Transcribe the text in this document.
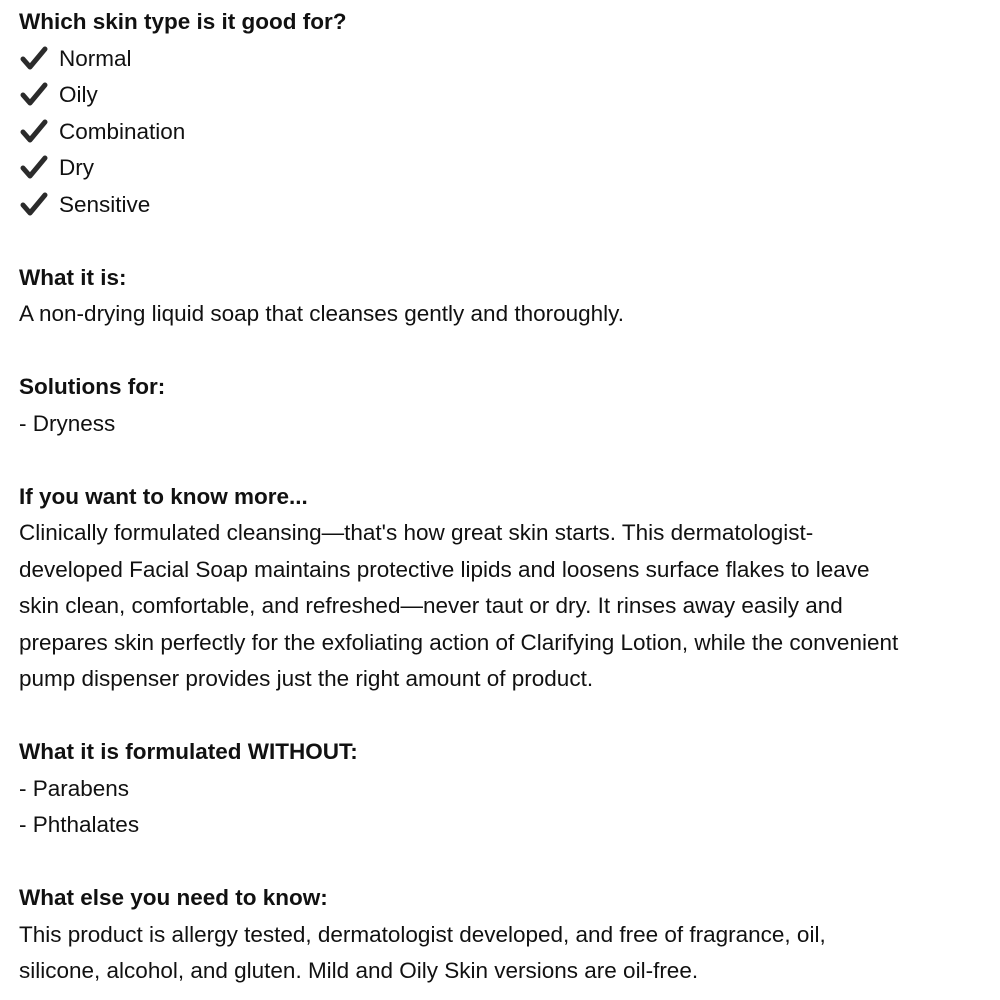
Which skin type is it good for?
Normal
Oily
Combination
Dry
Sensitive
What it is:
A non-drying liquid soap that cleanses gently and thoroughly.
Solutions for:
- Dryness
If you want to know more...
Clinically formulated cleansing—that's how great skin starts. This dermatologist-
developed Facial Soap maintains protective lipids and loosens surface flakes to leave
skin clean, comfortable, and refreshed—never taut or dry. It rinses away easily and
prepares skin perfectly for the exfoliating action of Clarifying Lotion, while the convenient
pump dispenser provides just the right amount of product.
What it is formulated WITHOUT:
- Parabens
- Phthalates
What else you need to know:
This product is allergy tested, dermatologist developed, and free of fragrance, oil,
silicone, alcohol, and gluten. Mild and Oily Skin versions are oil-free.
